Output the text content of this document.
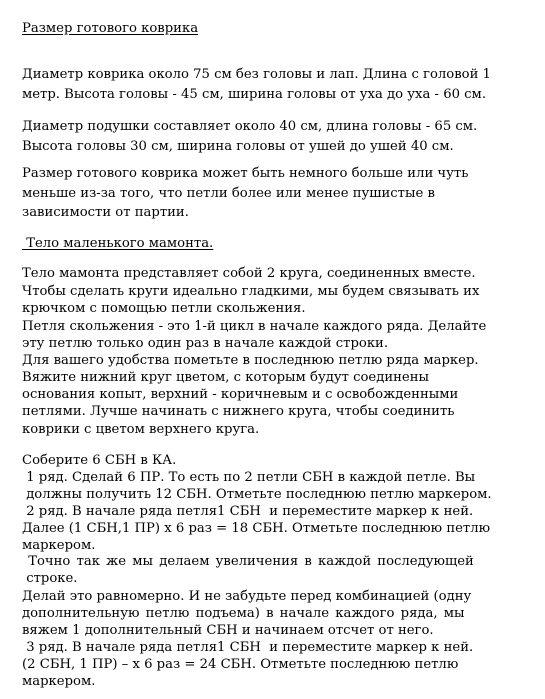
Размер готового коврика
Диаметр коврика около 75 см без головы и лап. Длина с головой 1
метр. Высота головы - 45 см, ширина головы от уха до уха - 60 см.
Диаметр подушки составляет около 40 см, длина головы - 65 см.
Высота головы 30 см, ширина головы от ушей до ушей 40 см.
Размер готового коврика может быть немного больше или чуть
меньше из-за того, что петли более или менее пушистые в
зависимости от партии.
Тело маленького мамонта.
Тело мамонта представляет собой 2 круга, соединенных вместе.
Чтобы сделать круги идеально гладкими, мы будем связывать их
крючком с помощью петли скольжения.
Петля скольжения - это 1-й цикл в начале каждого ряда. Делайте
эту петлю только один раз в начале каждой строки.
Для вашего удобства пометьте в последнюю петлю ряда маркер.
Вяжите нижний круг цветом, с которым будут соединены
основания копыт, верхний - коричневым и с освобожденными
петлями. Лучше начинать с нижнего круга, чтобы соединить
коврики с цветом верхнего круга.
Соберите 6 СБН в КА.
1 ряд. Сделай 6 ПР. То есть по 2 петли СБН в каждой петле. Вы
должны получить 12 СБН. Отметьте последнюю петлю маркером.
2 ряд. В начале ряда петля1 СБН  и переместите маркер к ней.
Далее (1 СБН,1 ПР) х 6 раз = 18 СБН. Отметьте последнюю петлю
маркером.
Точно так же мы делаем увеличения в каждой последующей
строке.
Делай это равномерно. И не забудьте перед комбинацией (одну
дополнительную петлю подъема) в начале каждого ряда, мы
вяжем 1 дополнительный СБН и начинаем отсчет от него.
3 ряд. В начале ряда петля1 СБН  и переместите маркер к ней.
(2 СБН, 1 ПР) – х 6 раз = 24 СБН. Отметьте последнюю петлю
маркером.
